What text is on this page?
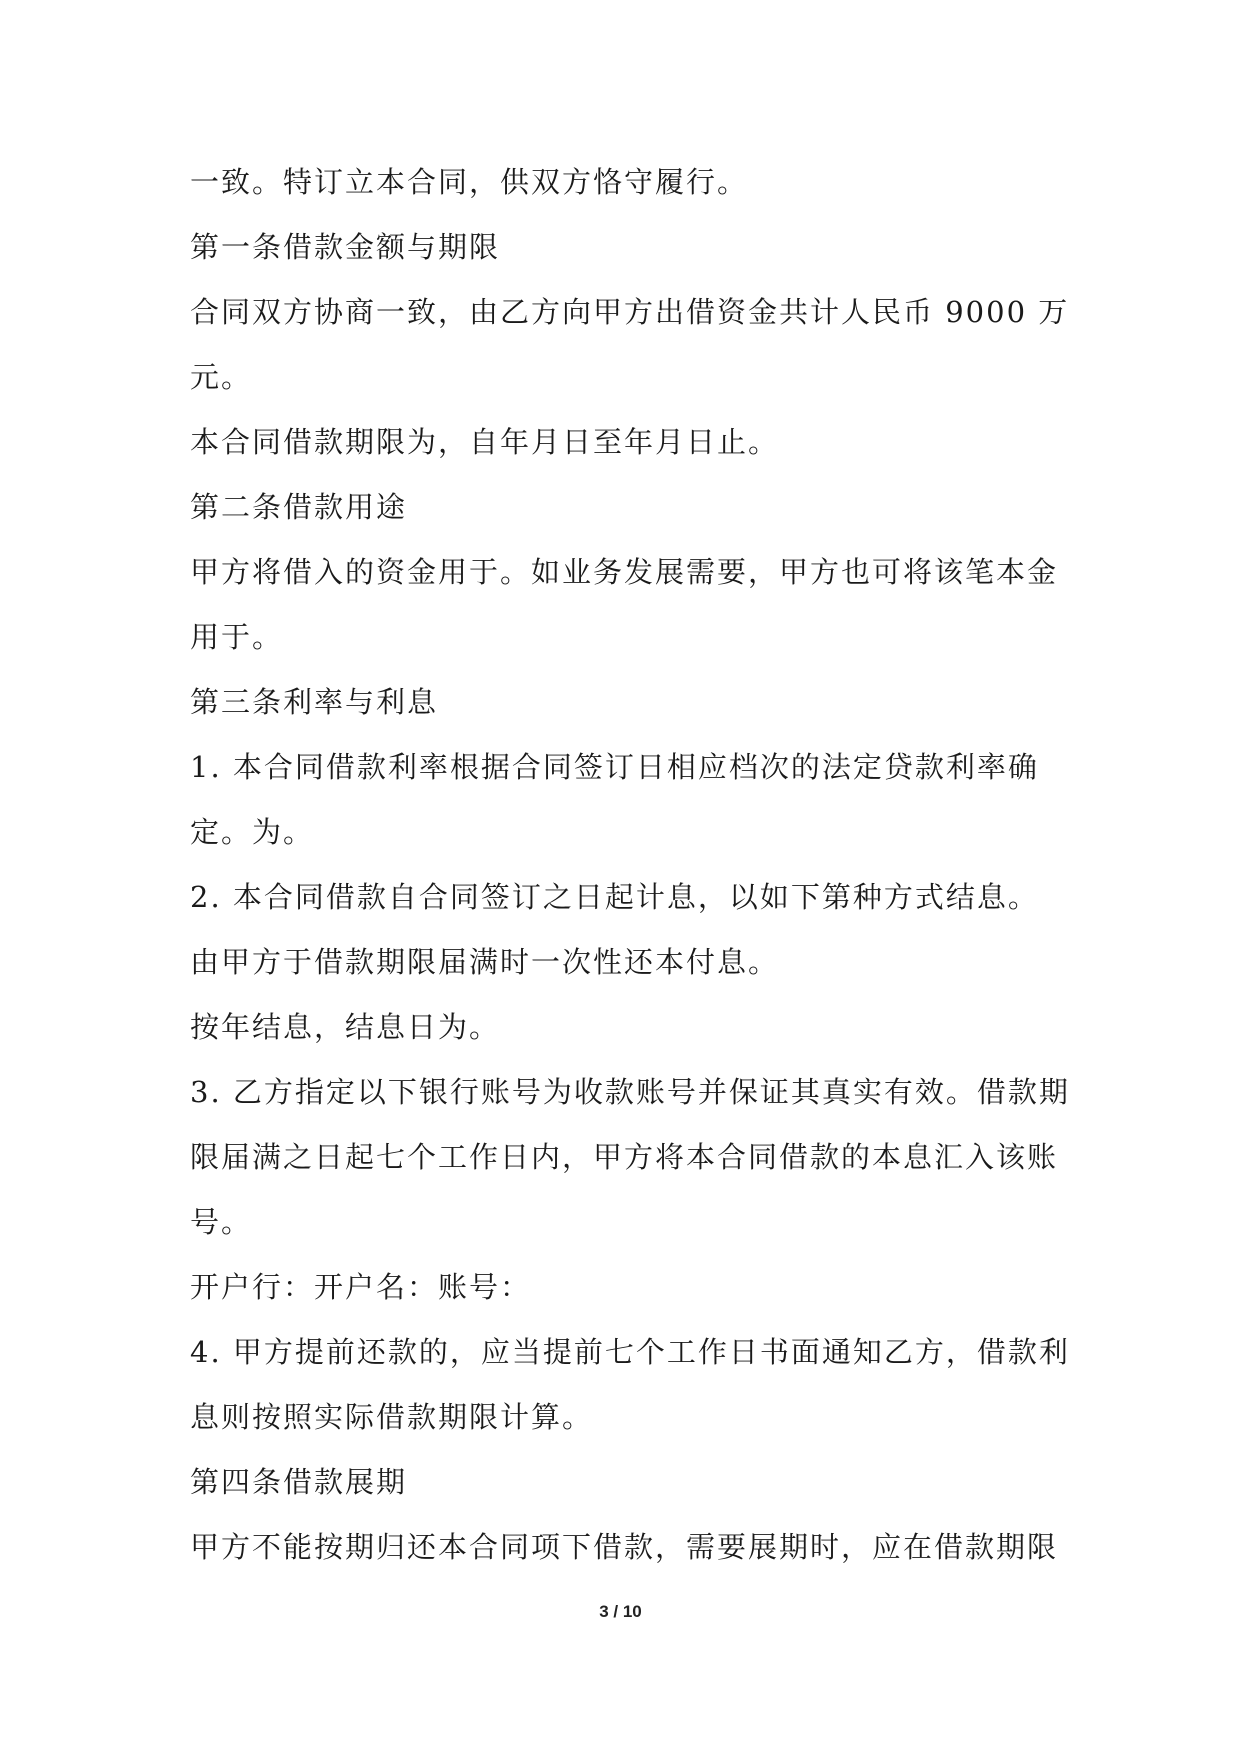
一致。特订立本合同，供双方恪守履行。
第一条借款金额与期限
合同双方协商一致，由乙方向甲方出借资金共计人民币 9000 万
元。
本合同借款期限为，自年月日至年月日止。
第二条借款用途
甲方将借入的资金用于。如业务发展需要，甲方也可将该笔本金
用于。
第三条利率与利息
1. 本合同借款利率根据合同签订日相应档次的法定贷款利率确
定。为。
2. 本合同借款自合同签订之日起计息，以如下第种方式结息。
由甲方于借款期限届满时一次性还本付息。
按年结息，结息日为。
3. 乙方指定以下银行账号为收款账号并保证其真实有效。借款期
限届满之日起七个工作日内，甲方将本合同借款的本息汇入该账
号。
开户行：开户名：账号：
4. 甲方提前还款的，应当提前七个工作日书面通知乙方，借款利
息则按照实际借款期限计算。
第四条借款展期
甲方不能按期归还本合同项下借款，需要展期时，应在借款期限
3 / 10
